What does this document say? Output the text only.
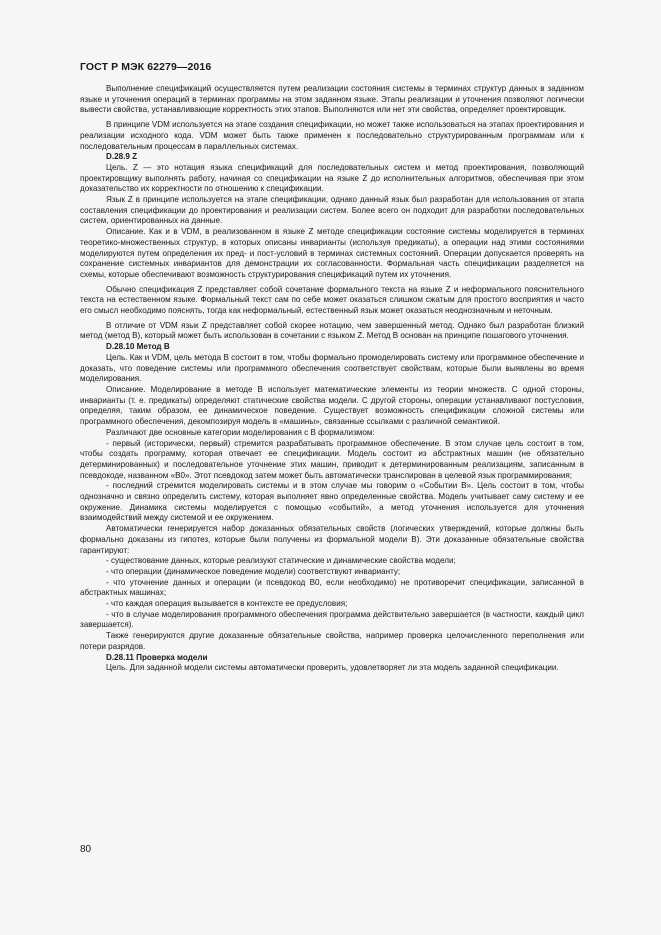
ГОСТ Р МЭК 62279—2016

Выполнение спецификаций осуществляется путем реализации состояния системы в терминах структур данных в заданном языке и уточнения операций в терминах программы на этом заданном языке. Этапы реализации и уточнения позволяют логически вывести свойства, устанавливающие корректность этих этапов. Выполняются или нет эти свойства, определяет проектировщик.

В принципе VDM используется на этапе создания спецификации, но может также использоваться на этапах проектирования и реализации исходного кода. VDM может быть также применен к последовательно структурированным программам или к последовательным процессам в параллельных системах.

D.28.9 Z

Цель. Z — это нотация языка спецификаций для последовательных систем и метод проектирования, позволяющий проектировщику выполнять работу, начиная со спецификации на языке Z до исполнительных алгоритмов, обеспечивая при этом доказательство их корректности по отношению к спецификации.

Язык Z в принципе используется на этапе спецификации, однако данный язык был разработан для использования от этапа составления спецификации до проектирования и реализации систем. Более всего он подходит для разработки последовательных систем, ориентированных на данные.

Описание. Как и в VDM, в реализованном в языке Z методе спецификации состояние системы моделируется в терминах теоретико-множественных структур, в которых описаны инварианты (используя предикаты), а операции над этими состояниями моделируются путем определения их пред- и пост-условий в терминах системных состояний. Операции допускается проверять на сохранение системных инвариантов для демонстрации их согласованности. Формальная часть спецификации разделяется на схемы, которые обеспечивают возможность структурирования спецификаций путем их уточнения.

Обычно спецификация Z представляет собой сочетание формального текста на языке Z и неформального пояснительного текста на естественном языке. Формальный текст сам по себе может оказаться слишком сжатым для простого восприятия и часто его смысл необходимо пояснять, тогда как неформальный, естественный язык может оказаться неоднозначным и неточным.

В отличие от VDM язык Z представляет собой скорее нотацию, чем завершенный метод. Однако был разработан близкий метод (метод B), который может быть использован в сочетании с языком Z. Метод B основан на принципе пошагового уточнения.

D.28.10 Метод B

Цель. Как и VDM, цель метода B состоит в том, чтобы формально промоделировать систему или программное обеспечение и доказать, что поведение системы или программного обеспечения соответствует свойствам, которые были выявлены во время моделирования.

Описание. Моделирование в методе B использует математические элементы из теории множеств. С одной стороны, инварианты (т. е. предикаты) определяют статические свойства модели. С другой стороны, операции устанавливают постусловия, определяя, таким образом, ее динамическое поведение. Существует возможность спецификации сложной системы или программного обеспечения, декомпозируя модель в «машины», связанные ссылками с различной семантикой.

Различают две основные категории моделирования с B формализмом:

- первый (исторически, первый) стремится разрабатывать программное обеспечение. В этом случае цель состоит в том, чтобы создать программу, которая отвечает ее спецификации. Модель состоит из абстрактных машин (не обязательно детерминированных) и последовательное уточнение этих машин, приводит к детерминированным реализациям, записанным в псевдокоде, названном «B0». Этот псевдокод затем может быть автоматически транслирован в целевой язык программирования;

- последний стремится моделировать системы и в этом случае мы говорим о «Событии B». Цель состоит в том, чтобы однозначно и связно определить систему, которая выполняет явно определенные свойства. Модель учитывает саму систему и ее окружение. Динамика системы моделируется с помощью «событий», а метод уточнения используется для уточнения взаимодействий между системой и ее окружением.

Автоматически генерируется набор доказанных обязательных свойств (логических утверждений, которые должны быть формально доказаны из гипотез, которые были получены из формальной модели B). Эти доказанные обязательные свойства гарантируют:

- существование данных, которые реализуют статические и динамические свойства модели;

- что операции (динамическое поведение модели) соответствуют инварианту;

- что уточнение данных и операции (и псевдокод B0, если необходимо) не противоречит спецификации, записанной в абстрактных машинах;

- что каждая операция вызывается в контексте ее предусловия;

- что в случае моделирования программного обеспечения программа действительно завершается (в частности, каждый цикл завершается).

Также генерируются другие доказанные обязательные свойства, например проверка целочисленного переполнения или потери разрядов.

D.28.11 Проверка модели

Цель. Для заданной модели системы автоматически проверить, удовлетворяет ли эта модель заданной спецификации.

80
